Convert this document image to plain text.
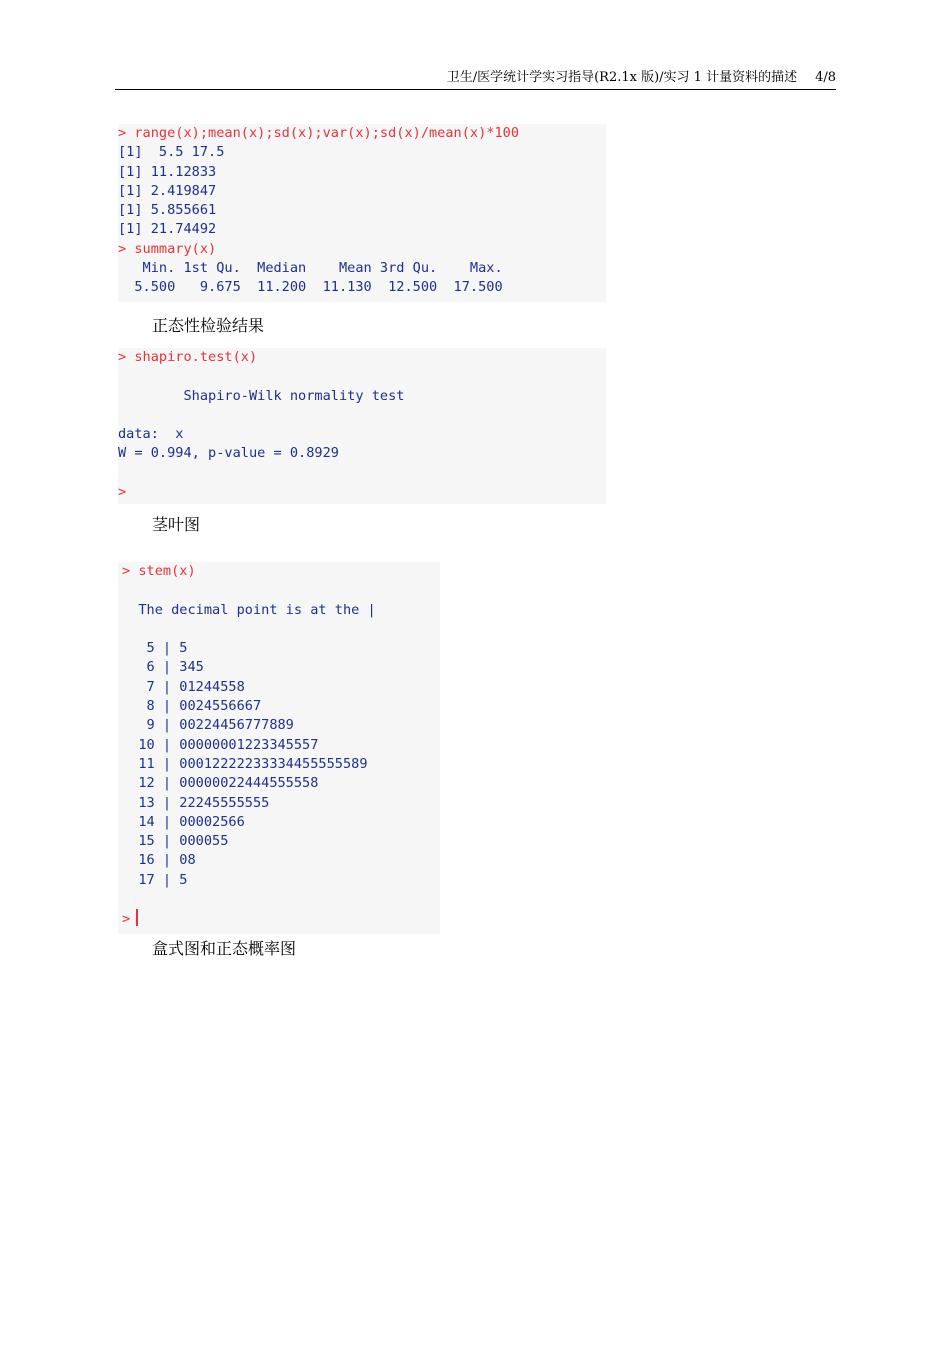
卫生/医学统计学实习指导(R2.1x 版)/实习 1 计量资料的描述 4/8
> range(x);mean(x);sd(x);var(x);sd(x)/mean(x)*100
[1]  5.5 17.5
[1] 11.12833
[1] 2.419847
[1] 5.855661
[1] 21.74492
> summary(x)
Min. 1st Qu.  Median    Mean 3rd Qu.    Max.
5.500   9.675  11.200  11.130  12.500  17.500
正态性检验结果
> shapiro.test(x)
Shapiro-Wilk normality test
data:  x
W = 0.994, p-value = 0.8929
>
茎叶图
> stem(x)
The decimal point is at the |
5 | 5
6 | 345
7 | 01244558
8 | 0024556667
9 | 00224456777889
10 | 00000001223345557
11 | 00012222233334455555589
12 | 00000022444555558
13 | 22245555555
14 | 00002566
15 | 000055
16 | 08
17 | 5
>
盒式图和正态概率图
